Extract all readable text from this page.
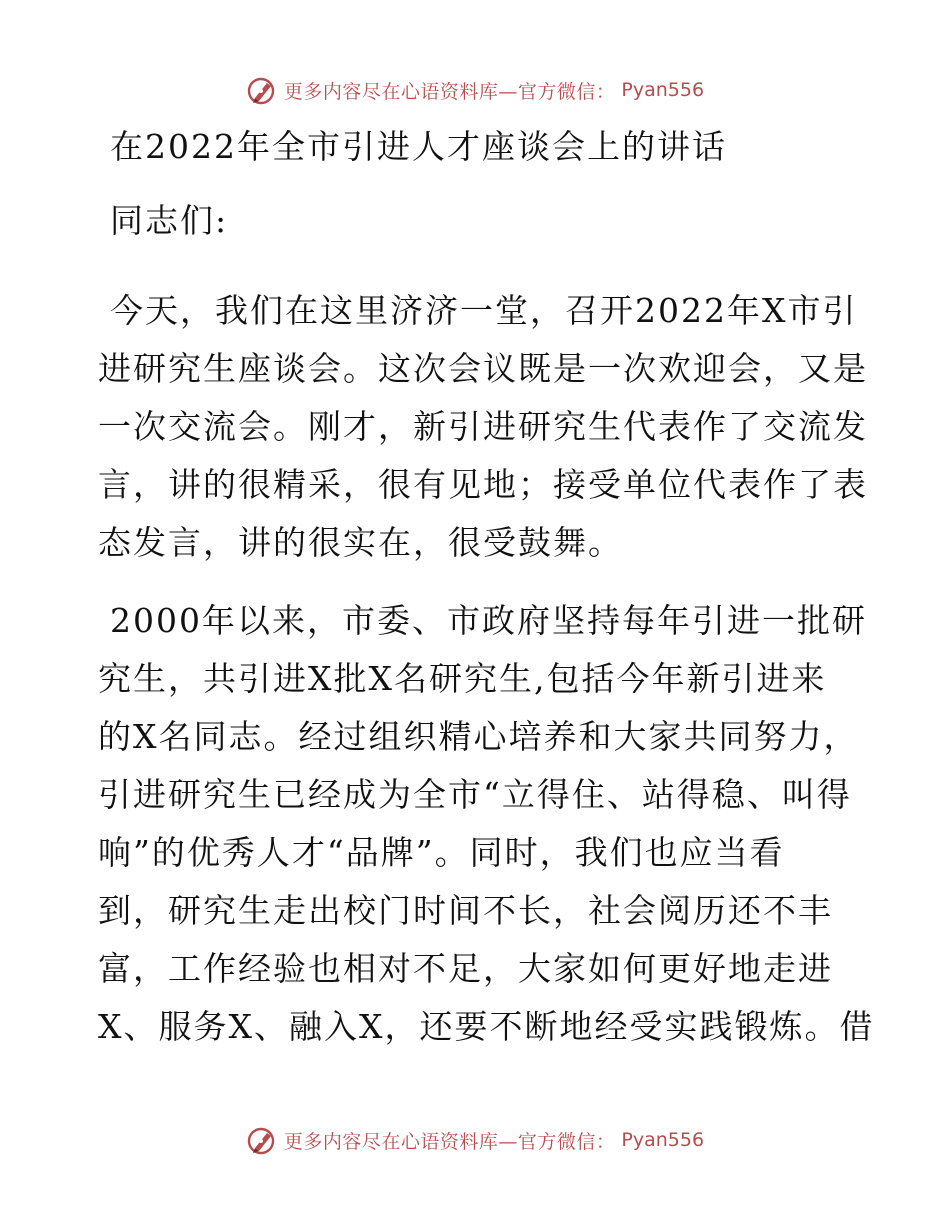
更多内容尽在心语资料库—官方微信： Pyan556
在2022年全市引进人才座谈会上的讲话

同志们:

今天，我们在这里济济一堂，召开2022年X市引
进研究生座谈会。这次会议既是一次欢迎会，又是
一次交流会。刚才，新引进研究生代表作了交流发
言，讲的很精采，很有见地；接受单位代表作了表
态发言，讲的很实在，很受鼓舞。

2000年以来，市委、市政府坚持每年引进一批研
究生，共引进X批X名研究生,包括今年新引进来
的X名同志。经过组织精心培养和大家共同努力，
引进研究生已经成为全市“立得住、站得稳、叫得
响”的优秀人才“品牌”。同时，我们也应当看
到，研究生走出校门时间不长，社会阅历还不丰
富，工作经验也相对不足，大家如何更好地走进
X、服务X、融入X，还要不断地经受实践锻炼。借

更多内容尽在心语资料库—官方微信： Pyan556
